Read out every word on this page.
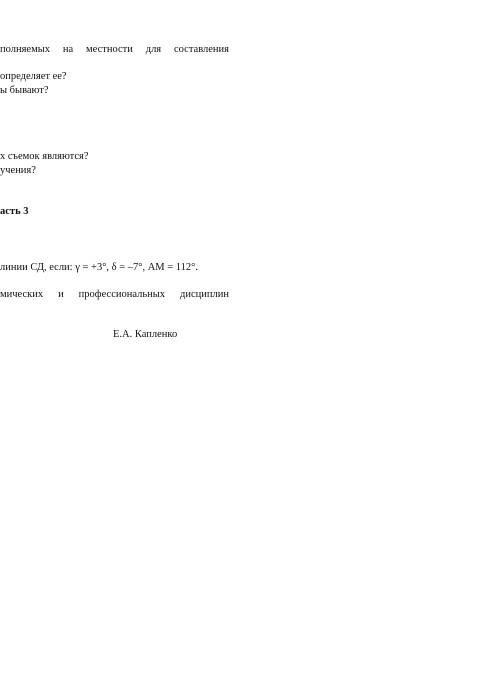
полняемых на местности для составления
определяет ее?
ы бывают?
х съемок являются?
учения?
асть 3
линии СД, если: γ = +3°, δ = –7°, AM = 112°.
мических и профессиональных дисциплин
Е.А. Капленко
